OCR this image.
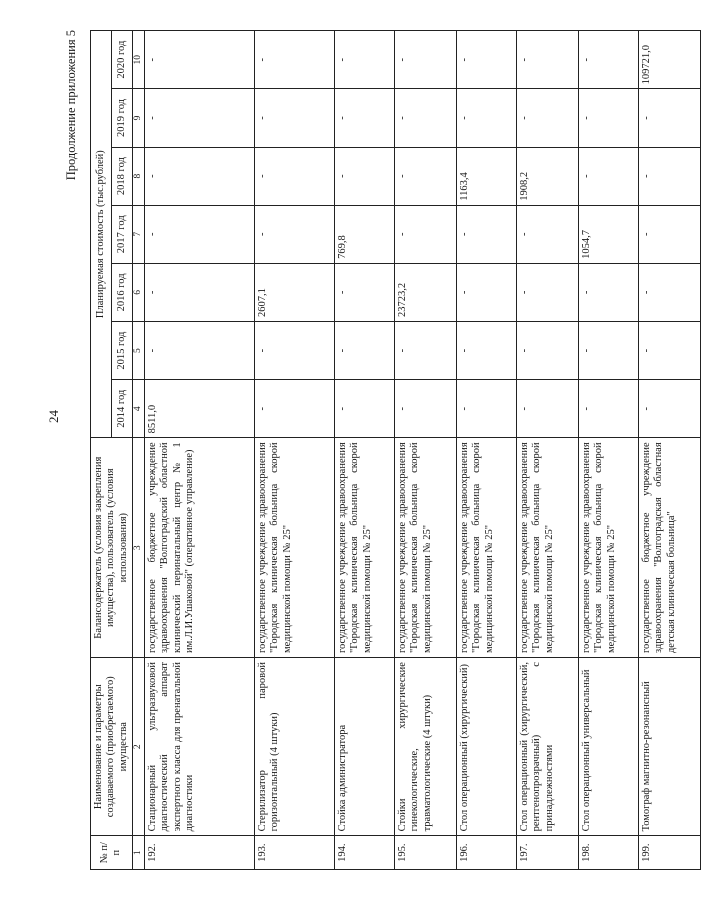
24
Продолжение приложения 5
№ п/п	Наименование и параметры создаваемого (приобретаемого) имущества	Балансодержатель (условия закрепления имущества), пользователь (условия использования)	Планируемая стоимость (тыс.рублей)						
			2014 год	2015 год	2016 год	2017 год	2018 год	2019 год	2020 год
1	2	3	4	5	6	7	8	9	10
192.	Стационарный ультразвуковой диагностический аппарат экспертного класса для пренатальной диагностики	государственное бюджетное учреждение здравоохранения "Волгоградский областной клинический перинатальный центр № 1 им.Л.И.Ушаковой" (оперативное управление)	8511,0	-	-	-	-	-	-
193.	Стерилизатор паровой горизонтальный (4 штуки)	государственное учреждение здравоохранения "Городская клиническая больница скорой медицинской помощи № 25"	-	-	2607,1	-	-	-	-
194.	Стойка администратора	государственное учреждение здравоохранения "Городская клиническая больница скорой медицинской помощи № 25"	-	-	-	769,8	-	-	-
195.	Стойки хирургические гинекологические, травматологические (4 штуки)	государственное учреждение здравоохранения "Городская клиническая больница скорой медицинской помощи № 25"	-	-	23723,2	-	-	-	-
196.	Стол операционный (хирургический)	государственное учреждение здравоохранения "Городская клиническая больница скорой медицинской помощи № 25"	-	-	-	-	1163,4	-	-
197.	Стол операционный (хирургический, рентгенопрозрачный) с принадлежностями	государственное учреждение здравоохранения "Городская клиническая больница скорой медицинской помощи № 25"	-	-	-	-	1908,2	-	-
198.	Стол операционный универсальный	государственное учреждение здравоохранения "Городская клиническая больница скорой медицинской помощи № 25"	-	-	-	1054,7	-	-	-
199.	Томограф магнитно-резонансный	государственное бюджетное учреждение здравоохранения "Волгоградская областная детская клиническая больница"	-	-	-	-	-	-	109721,0
